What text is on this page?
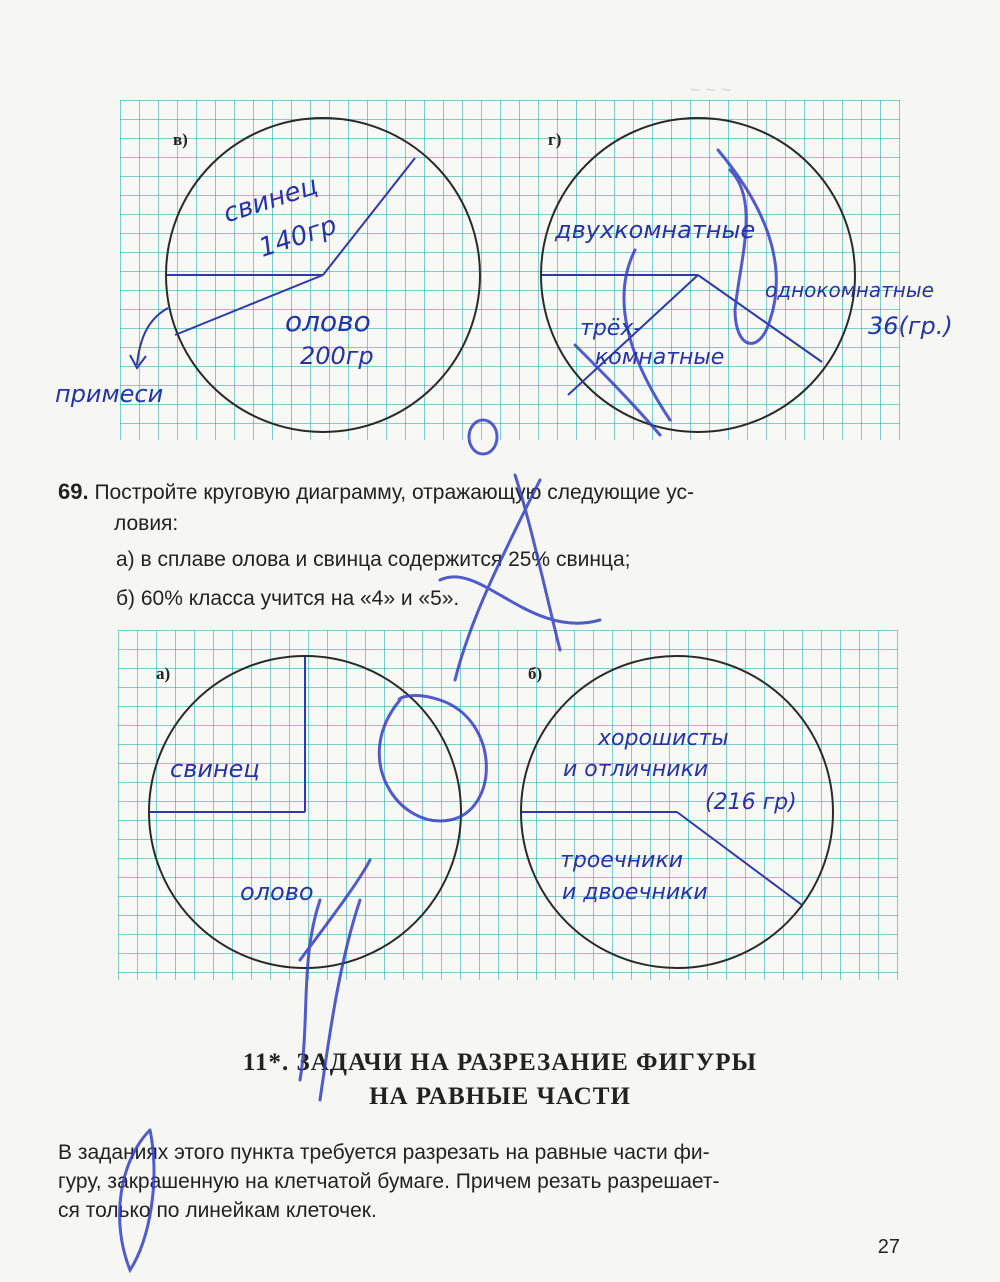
~ ~ ~
в)	г)
69. Постройте круговую диаграмму, отражающую следующие ус-
ловия:
а) в сплаве олова и свинца содержится 25% свинца;
б) 60% класса учится на «4» и «5».
а)	б)
11*. ЗАДАЧИ НА РАЗРЕЗАНИЕ ФИГУРЫ
НА РАВНЫЕ ЧАСТИ
В заданиях этого пункта требуется разрезать на равные части фи-
гуру, закрашенную на клетчатой бумаге. Причем резать разрешает-
ся только по линейкам клеточек.
27
свинец
140гр
олово
200гр
примеси
двухкомнатные
однокомнатные
36(гр.)
трёх-
комнатные
свинец
олово
хорошисты
и отличники
(216 гр)
троечники
и двоечники
